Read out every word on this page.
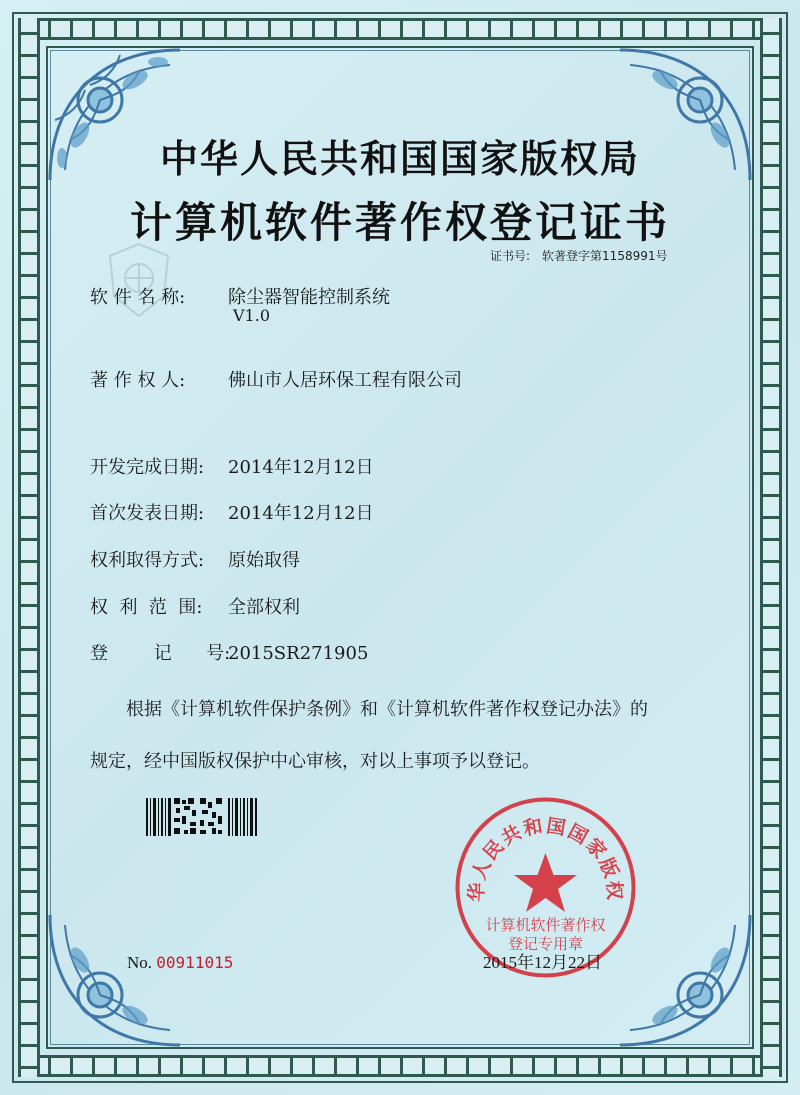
中华人民共和国国家版权局
计算机软件著作权登记证书
证书号: 软著登字第1158991号
软 件 名 称: 除尘器智能控制系统
V1.0
著 作 权 人: 佛山市人居环保工程有限公司
开发完成日期: 2014年12月12日
首次发表日期: 2014年12月12日
权利取得方式: 原始取得
权  利  范  围: 全部权利
登        记      号:2015SR271905
根据《计算机软件保护条例》和《计算机软件著作权登记办法》的
规定，经中国版权保护中心审核，对以上事项予以登记。
No. 00911015
华人民共和国国家版权
计算机软件著作权
登记专用章
2015年12月22日
